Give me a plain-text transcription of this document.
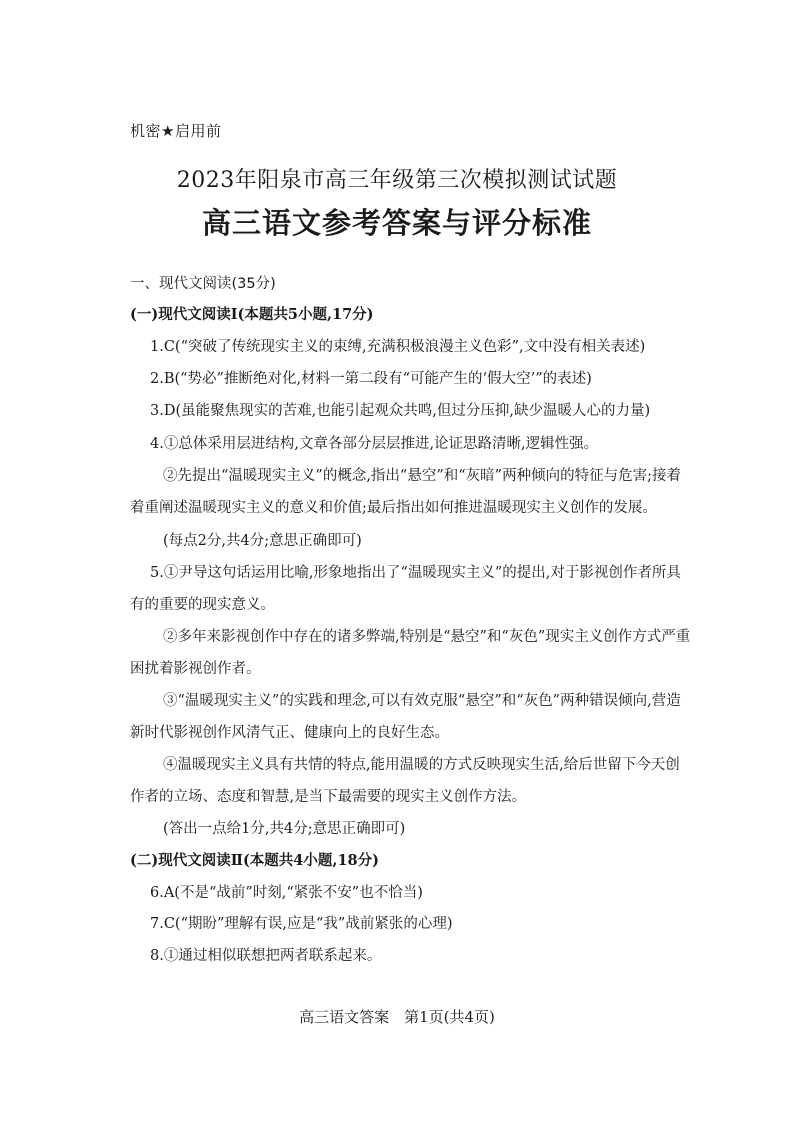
机密★启用前
2023年阳泉市高三年级第三次模拟测试试题
高三语文参考答案与评分标准
一、现代文阅读(35分)
(一)现代文阅读Ⅰ(本题共5小题,17分)
1.C(“突破了传统现实主义的束缚,充满积极浪漫主义色彩”,文中没有相关表述)
2.B(“势必”推断绝对化,材料一第二段有“可能产生的‘假大空’”的表述)
3.D(虽能聚焦现实的苦难,也能引起观众共鸣,但过分压抑,缺少温暖人心的力量)
4.①总体采用层进结构,文章各部分层层推进,论证思路清晰,逻辑性强。
②先提出“温暖现实主义”的概念,指出“悬空”和“灰暗”两种倾向的特征与危害;接着
着重阐述温暖现实主义的意义和价值;最后指出如何推进温暖现实主义创作的发展。
(每点2分,共4分;意思正确即可)
5.①尹导这句话运用比喻,形象地指出了“温暖现实主义”的提出,对于影视创作者所具
有的重要的现实意义。
②多年来影视创作中存在的诸多弊端,特别是“悬空”和“灰色”现实主义创作方式严重
困扰着影视创作者。
③“温暖现实主义”的实践和理念,可以有效克服“悬空”和“灰色”两种错误倾向,营造
新时代影视创作风清气正、健康向上的良好生态。
④温暖现实主义具有共情的特点,能用温暖的方式反映现实生活,给后世留下今天创
作者的立场、态度和智慧,是当下最需要的现实主义创作方法。
(答出一点给1分,共4分;意思正确即可)
(二)现代文阅读Ⅱ(本题共4小题,18分)
6.A(不是“战前”时刻,“紧张不安”也不恰当)
7.C(“期盼”理解有误,应是“我”战前紧张的心理)
8.①通过相似联想把两者联系起来。
高三语文答案　第1页(共4页)
